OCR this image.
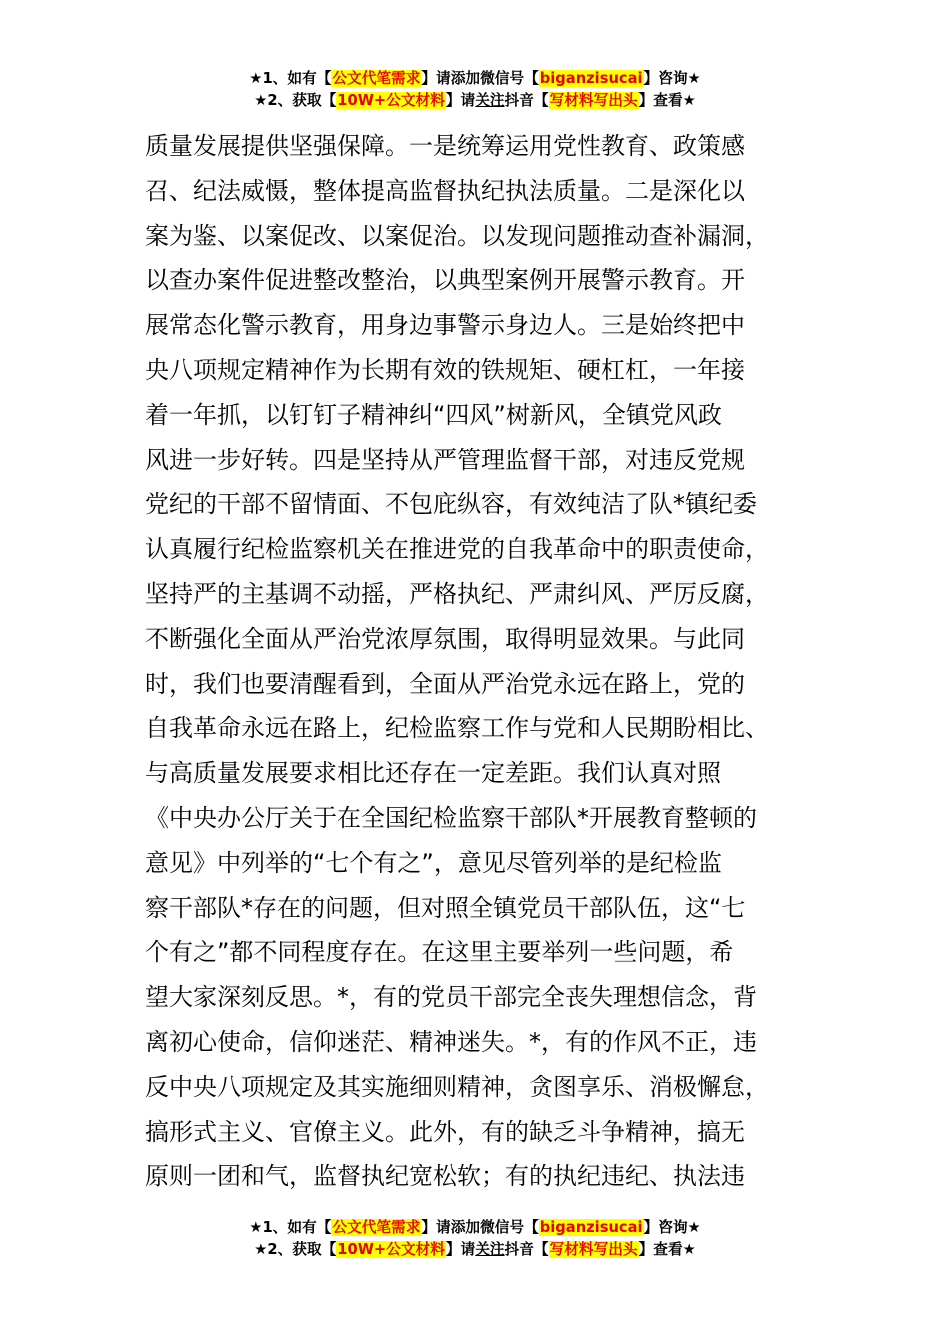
★1、如有【公文代笔需求】请添加微信号【biganzisucai】咨询★
★2、获取【10W+公文材料】请关注抖音【写材料写出头】查看★
质量发展提供坚强保障。一是统筹运用党性教育、政策感
召、纪法威慑，整体提高监督执纪执法质量。二是深化以
案为鉴、以案促改、以案促治。以发现问题推动查补漏洞，
以查办案件促进整改整治，以典型案例开展警示教育。开
展常态化警示教育，用身边事警示身边人。三是始终把中
央八项规定精神作为长期有效的铁规矩、硬杠杠，一年接
着一年抓，以钉钉子精神纠“四风”树新风，全镇党风政
风进一步好转。四是坚持从严管理监督干部，对违反党规
党纪的干部不留情面、不包庇纵容，有效纯洁了队*镇纪委
认真履行纪检监察机关在推进党的自我革命中的职责使命，
坚持严的主基调不动摇，严格执纪、严肃纠风、严厉反腐，
不断强化全面从严治党浓厚氛围，取得明显效果。与此同
时，我们也要清醒看到，全面从严治党永远在路上，党的
自我革命永远在路上，纪检监察工作与党和人民期盼相比、
与高质量发展要求相比还存在一定差距。我们认真对照
《中央办公厅关于在全国纪检监察干部队*开展教育整顿的
意见》中列举的“七个有之”，意见尽管列举的是纪检监
察干部队*存在的问题，但对照全镇党员干部队伍，这“七
个有之”都不同程度存在。在这里主要举列一些问题，希
望大家深刻反思。*，有的党员干部完全丧失理想信念，背
离初心使命，信仰迷茫、精神迷失。*，有的作风不正，违
反中央八项规定及其实施细则精神，贪图享乐、消极懈怠，
搞形式主义、官僚主义。此外，有的缺乏斗争精神，搞无
原则一团和气，监督执纪宽松软；有的执纪违纪、执法违
★1、如有【公文代笔需求】请添加微信号【biganzisucai】咨询★
★2、获取【10W+公文材料】请关注抖音【写材料写出头】查看★
